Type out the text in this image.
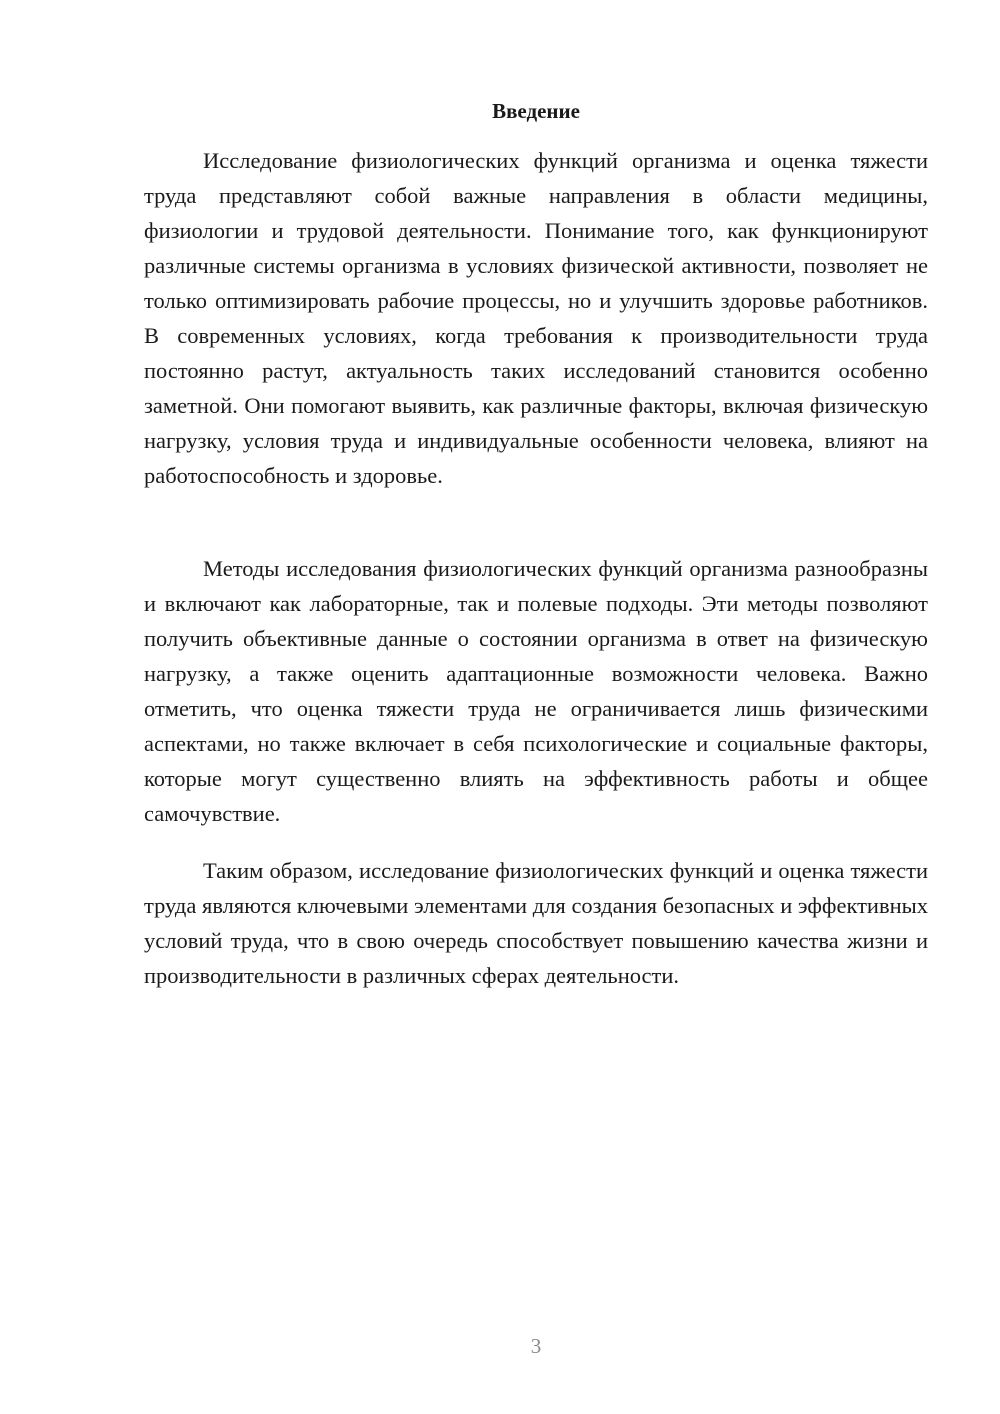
Введение

Исследование физиологических функций организма и оценка тяжести труда представляют собой важные направления в области медицины, физиологии и трудовой деятельности. Понимание того, как функционируют различные системы организма в условиях физической активности, позволяет не только оптимизировать рабочие процессы, но и улучшить здоровье работников. В современных условиях, когда требования к производительности труда постоянно растут, актуальность таких исследований становится особенно заметной. Они помогают выявить, как различные факторы, включая физическую нагрузку, условия труда и индивидуальные особенности человека, влияют на работоспособность и здоровье.

Методы исследования физиологических функций организма разнообразны и включают как лабораторные, так и полевые подходы. Эти методы позволяют получить объективные данные о состоянии организма в ответ на физическую нагрузку, а также оценить адаптационные возможности человека. Важно отметить, что оценка тяжести труда не ограничивается лишь физическими аспектами, но также включает в себя психологические и социальные факторы, которые могут существенно влиять на эффективность работы и общее самочувствие.

Таким образом, исследование физиологических функций и оценка тяжести труда являются ключевыми элементами для создания безопасных и эффективных условий труда, что в свою очередь способствует повышению качества жизни и производительности в различных сферах деятельности.

3
